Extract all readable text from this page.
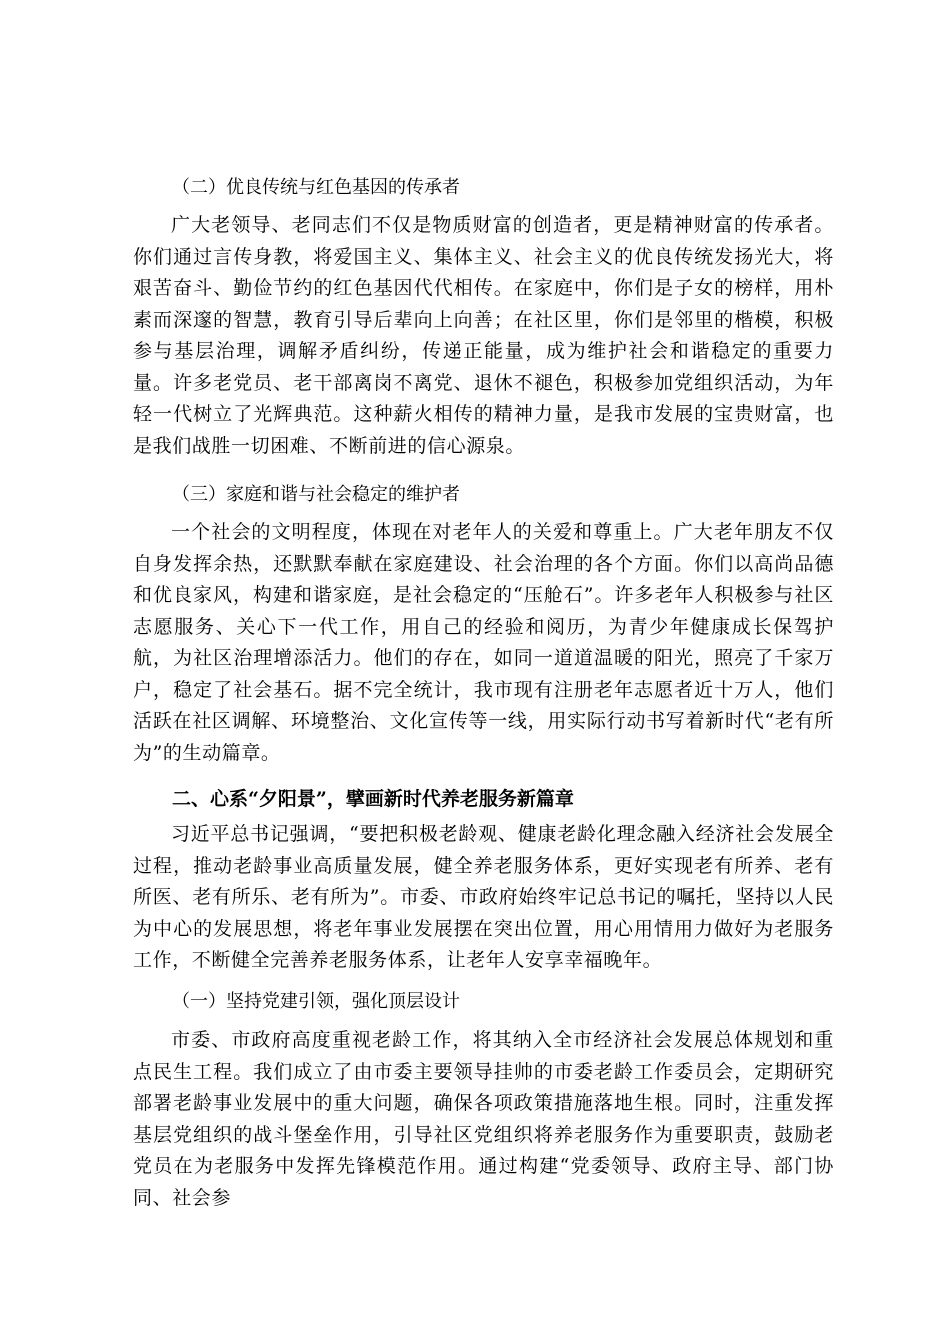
（二）优良传统与红色基因的传承者

广大老领导、老同志们不仅是物质财富的创造者，更是精神财富的传承者。你们通过言传身教，将爱国主义、集体主义、社会主义的优良传统发扬光大，将艰苦奋斗、勤俭节约的红色基因代代相传。在家庭中，你们是子女的榜样，用朴素而深邃的智慧，教育引导后辈向上向善；在社区里，你们是邻里的楷模，积极参与基层治理，调解矛盾纠纷，传递正能量，成为维护社会和谐稳定的重要力量。许多老党员、老干部离岗不离党、退休不褪色，积极参加党组织活动，为年轻一代树立了光辉典范。这种薪火相传的精神力量，是我市发展的宝贵财富，也是我们战胜一切困难、不断前进的信心源泉。

（三）家庭和谐与社会稳定的维护者

一个社会的文明程度，体现在对老年人的关爱和尊重上。广大老年朋友不仅自身发挥余热，还默默奉献在家庭建设、社会治理的各个方面。你们以高尚品德和优良家风，构建和谐家庭，是社会稳定的“压舱石”。许多老年人积极参与社区志愿服务、关心下一代工作，用自己的经验和阅历，为青少年健康成长保驾护航，为社区治理增添活力。他们的存在，如同一道道温暖的阳光，照亮了千家万户，稳定了社会基石。据不完全统计，我市现有注册老年志愿者近十万人，他们活跃在社区调解、环境整治、文化宣传等一线，用实际行动书写着新时代“老有所为”的生动篇章。

二、心系“夕阳景”，擘画新时代养老服务新篇章

习近平总书记强调，“要把积极老龄观、健康老龄化理念融入经济社会发展全过程，推动老龄事业高质量发展，健全养老服务体系，更好实现老有所养、老有所医、老有所乐、老有所为”。市委、市政府始终牢记总书记的嘱托，坚持以人民为中心的发展思想，将老年事业发展摆在突出位置，用心用情用力做好为老服务工作，不断健全完善养老服务体系，让老年人安享幸福晚年。

（一）坚持党建引领，强化顶层设计

市委、市政府高度重视老龄工作，将其纳入全市经济社会发展总体规划和重点民生工程。我们成立了由市委主要领导挂帅的市委老龄工作委员会，定期研究部署老龄事业发展中的重大问题，确保各项政策措施落地生根。同时，注重发挥基层党组织的战斗堡垒作用，引导社区党组织将养老服务作为重要职责，鼓励老党员在为老服务中发挥先锋模范作用。通过构建“党委领导、政府主导、部门协同、社会参
